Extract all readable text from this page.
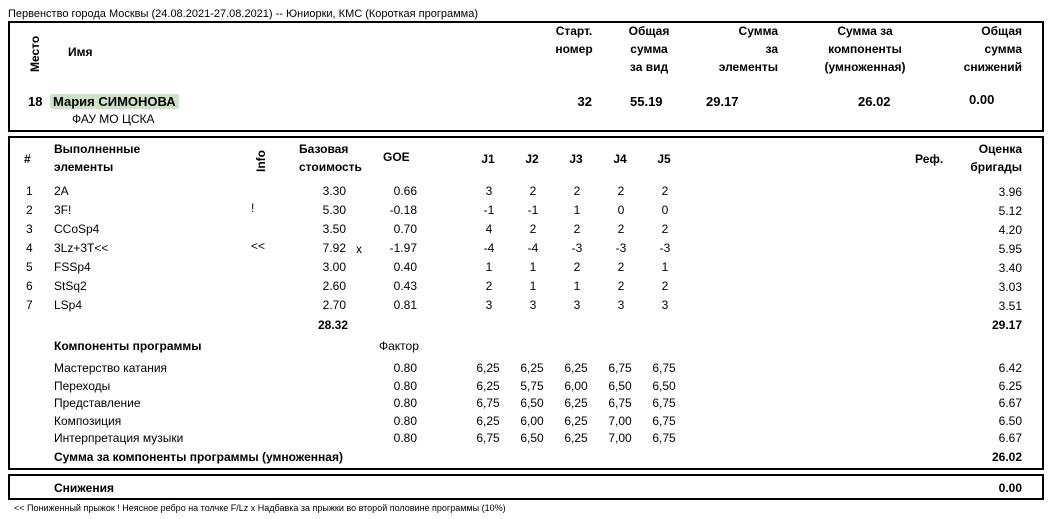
Первенство города Москвы (24.08.2021-27.08.2021) -- Юниорки, КМС (Короткая программа)
Место Имя
Старт.
номер
Общая
сумма
за вид
Сумма
за
элементы
Сумма за
компоненты
(умноженная)
Общая
сумма
снижений
18 Мария СИМОНОВА
ФАУ МО ЦСКА
32	55.19	29.17	26.02	0.00
#
Выполненные
элементы	Info
Базовая
стоимость
GOE	J1	J2	J3	J4	J5	Реф.
Оценка
бригады
1 2A	3.30	0.66	3	2	2	2	2	3.96
2 3F!	!	5.30	-0.18	-1	-1	1	0	0	5.12
3 CCoSp4	3.50	0.70	4	2	2	2	2	4.20
4 3Lz+3T<<	<<	7.92 x	-1.97	-4	-4	-3	-3	-3	5.95
5 FSSp4	3.00	0.40	1	1	2	2	1	3.40
6 StSq2	2.60	0.43	2	1	1	2	2	3.03
7 LSp4	2.70	0.81	3	3	3	3	3	3.51
28.32	29.17
Компоненты программы	Фактор
Мастерство катания	0.80	6,25	6,25	6,25	6,75	6,75	6.42
Переходы	0.80	6,25	5,75	6,00	6,50	6,50	6.25
Представление	0.80	6,75	6,50	6,25	6,75	6,75	6.67
Композиция	0.80	6,25	6,00	6,25	7,00	6,75	6.50
Интерпретация музыки	0.80	6,75	6,50	6,25	7,00	6,75	6.67
Сумма за компоненты программы (умноженная)	26.02
Снижения	0.00
<< Пониженный прыжок ! Неясное ребро на толчке F/Lz x Надбавка за прыжки во второй половине программы (10%)
